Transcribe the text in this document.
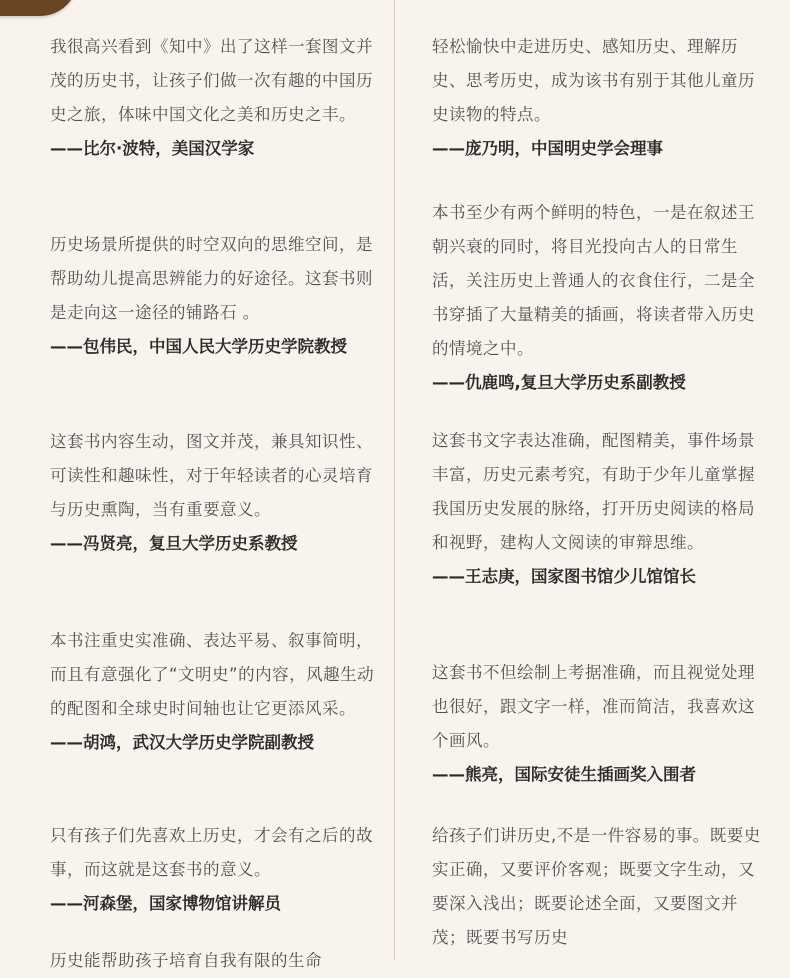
我很高兴看到《知中》出了这样一套图文并茂的历史书，让孩子们做一次有趣的中国历史之旅，体味中国文化之美和历史之丰。

——比尔·波特，美国汉学家

历史场景所提供的时空双向的思维空间，是帮助幼儿提高思辨能力的好途径。这套书则是走向这一途径的铺路石 。

——包伟民，中国人民大学历史学院教授

这套书内容生动，图文并茂，兼具知识性、可读性和趣味性，对于年轻读者的心灵培育与历史熏陶，当有重要意义。

——冯贤亮，复旦大学历史系教授

本书注重史实准确、表达平易、叙事简明，而且有意强化了“文明史”的内容，风趣生动的配图和全球史时间轴也让它更添风采。

——胡鸿，武汉大学历史学院副教授

只有孩子们先喜欢上历史，才会有之后的故事，而这就是这套书的意义。

——河森堡，国家博物馆讲解员

历史能帮助孩子培育自我有限的生命

轻松愉快中走进历史、感知历史、理解历史、思考历史，成为该书有别于其他儿童历史读物的特点。

——庞乃明，中国明史学会理事

本书至少有两个鲜明的特色，一是在叙述王朝兴衰的同时，将目光投向古人的日常生活，关注历史上普通人的衣食住行，二是全书穿插了大量精美的插画，将读者带入历史的情境之中。

——仇鹿鸣,复旦大学历史系副教授

这套书文字表达准确，配图精美，事件场景丰富，历史元素考究，有助于少年儿童掌握我国历史发展的脉络，打开历史阅读的格局和视野，建构人文阅读的审辩思维。

——王志庚，国家图书馆少儿馆馆长

这套书不但绘制上考据准确，而且视觉处理也很好，跟文字一样，准而简洁，我喜欢这个画风。

——熊亮，国际安徒生插画奖入围者

给孩子们讲历史,不是一件容易的事。既要史实正确，又要评价客观；既要文字生动，又要深入浅出；既要论述全面，又要图文并茂；既要书写历史
